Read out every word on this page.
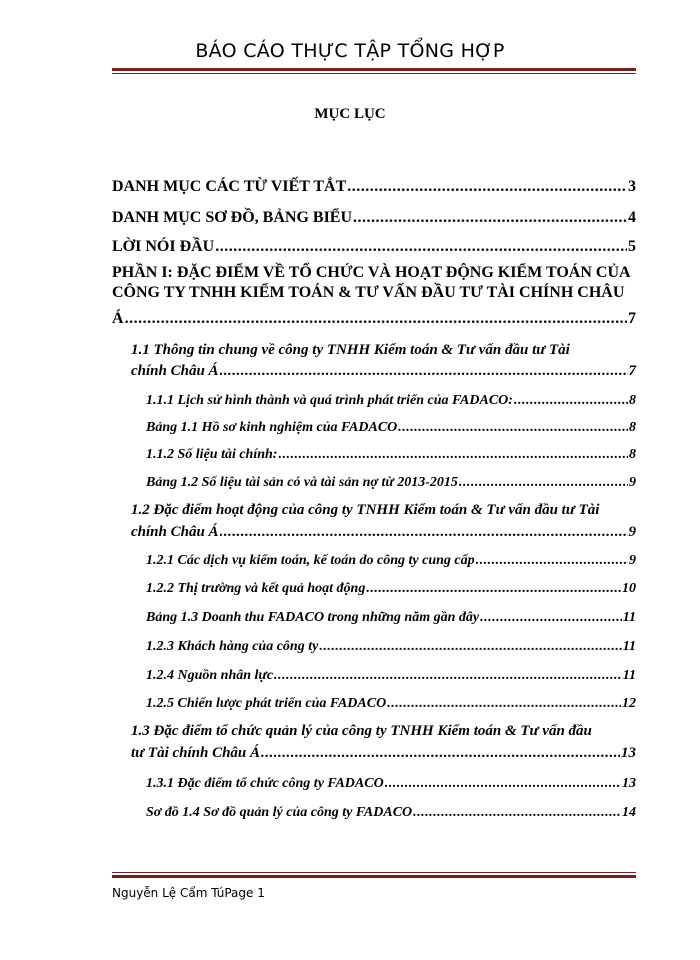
BÁO CÁO THỰC TẬP TỔNG HỢP
MỤC LỤC
DANH MỤC CÁC TỪ VIẾT TẮT .....	3
DANH MỤC SƠ ĐỒ, BẢNG BIỂU .....	4
LỜI NÓI ĐẦU .....	5
PHẦN I: ĐẶC ĐIỂM VỀ TỔ CHỨC VÀ HOẠT ĐỘNG KIỂM TOÁN CỦA
CÔNG TY TNHH KIỂM TOÁN & TƯ VẤN ĐẦU TƯ TÀI CHÍNH CHÂU
Á .....	7
1.1 Thông tin chung về công ty TNHH Kiểm toán & Tư vấn đầu tư Tài
chính Châu Á .....	7
1.1.1 Lịch sử hình thành và quá trình phát triển của FADACO: .....	8
Bảng 1.1 Hồ sơ kinh nghiệm của FADACO .....	8
1.1.2 Số liệu tài chính: .....	8
Bảng 1.2 Số liệu tài sản có và tài sản nợ từ 2013-2015 .....	9
1.2 Đặc điểm hoạt động của công ty TNHH Kiểm toán & Tư vấn đầu tư Tài
chính Châu Á .....	9
1.2.1 Các dịch vụ kiểm toán, kế toán do công ty cung cấp .....	9
1.2.2 Thị trường và kết quả hoạt động .....	10
Bảng 1.3 Doanh thu FADACO trong những năm gần đây .....	11
1.2.3 Khách hàng của công ty .....	11
1.2.4 Nguồn nhân lực .....	11
1.2.5 Chiến lược phát triển của FADACO .....	12
1.3 Đặc điểm tổ chức quản lý của công ty TNHH Kiểm toán & Tư vấn đầu
tư Tài chính Châu Á .....	13
1.3.1 Đặc điểm tổ chức công ty FADACO .....	13
Sơ đồ 1.4 Sơ đồ quản lý của công ty FADACO .....	14
Nguyễn Lệ Cẩm TúPage 1
